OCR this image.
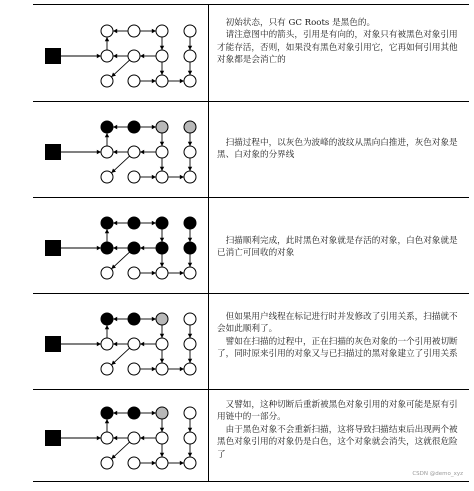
初始状态，只有 GC Roots 是黑色的。

请注意图中的箭头，引用是有向的，对象只有被黑色对象引用才能存活，否则，如果没有黑色对象引用它，它再如何引用其他对象都是会消亡的

扫描过程中，以灰色为波峰的波纹从黑向白推进，灰色对象是黑、白对象的分界线

扫描顺利完成，此时黑色对象就是存活的对象，白色对象就是已消亡可回收的对象

但如果用户线程在标记进行时并发修改了引用关系，扫描就不会如此顺利了。

譬如在扫描的过程中，正在扫描的灰色对象的一个引用被切断了，同时原来引用的对象又与已扫描过的黑对象建立了引用关系

又譬如，这种切断后重新被黑色对象引用的对象可能是原有引用链中的一部分。

由于黑色对象不会重新扫描，这将导致扫描结束后出现两个被黑色对象引用的对象仍是白色，这个对象就会消失，这就很危险了

CSDN @demo_xyz
